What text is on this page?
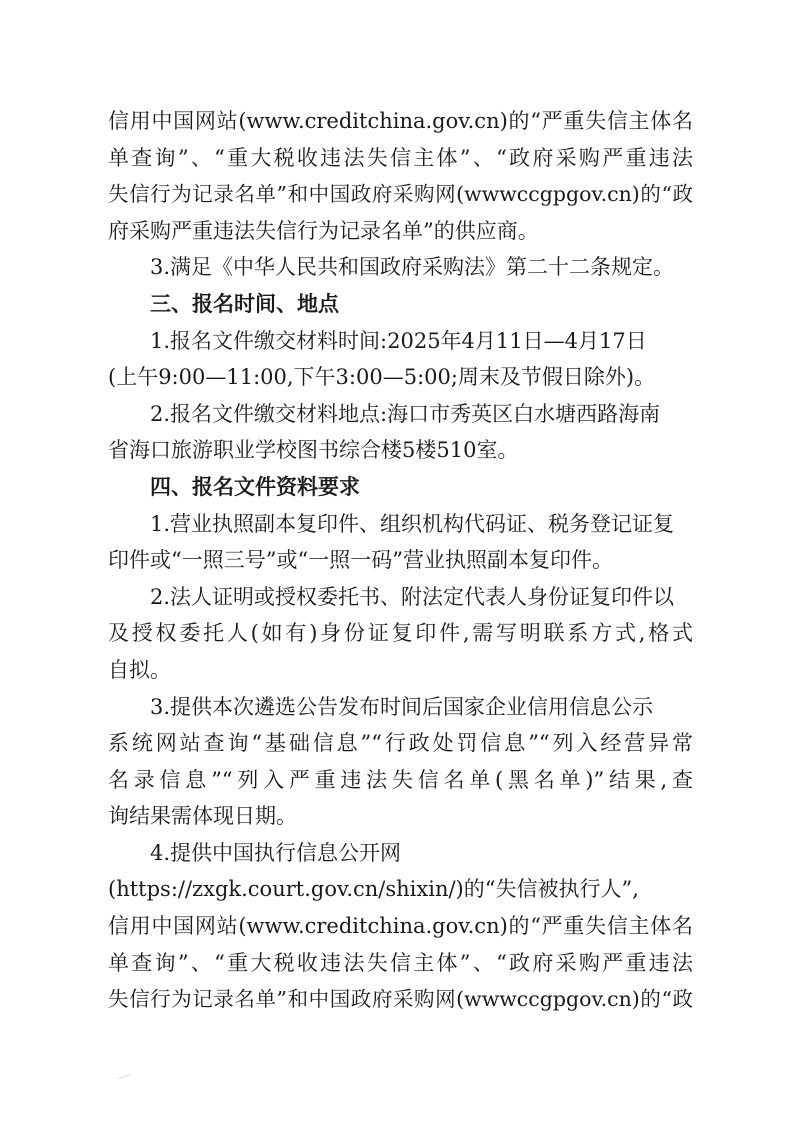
信用中国网站(www.creditchina.gov.cn)的“严重失信主体名
单查询”、“重大税收违法失信主体”、“政府采购严重违法
失信行为记录名单”和中国政府采购网(wwwccgpgov.cn)的“政
府采购严重违法失信行为记录名单”的供应商。
3.满足《中华人民共和国政府采购法》第二十二条规定。
三、报名时间、地点
1.报名文件缴交材料时间:2025年4月11日—4月17日
(上午9:00—11:00,下午3:00—5:00;周末及节假日除外)。
2.报名文件缴交材料地点:海口市秀英区白水塘西路海南
省海口旅游职业学校图书综合楼5楼510室。
四、报名文件资料要求
1.营业执照副本复印件、组织机构代码证、税务登记证复
印件或“一照三号”或“一照一码”营业执照副本复印件。
2.法人证明或授权委托书、附法定代表人身份证复印件以
及授权委托人(如有)身份证复印件,需写明联系方式,格式
自拟。
3.提供本次遴选公告发布时间后国家企业信用信息公示
系统网站查询“基础信息”“行政处罚信息”“列入经营异常
名录信息”“列入严重违法失信名单(黑名单)”结果,查
询结果需体现日期。
4.提供中国执行信息公开网
(https://zxgk.court.gov.cn/shixin/)的“失信被执行人”,
信用中国网站(www.creditchina.gov.cn)的“严重失信主体名
单查询”、“重大税收违法失信主体”、“政府采购严重违法
失信行为记录名单”和中国政府采购网(wwwccgpgov.cn)的“政
